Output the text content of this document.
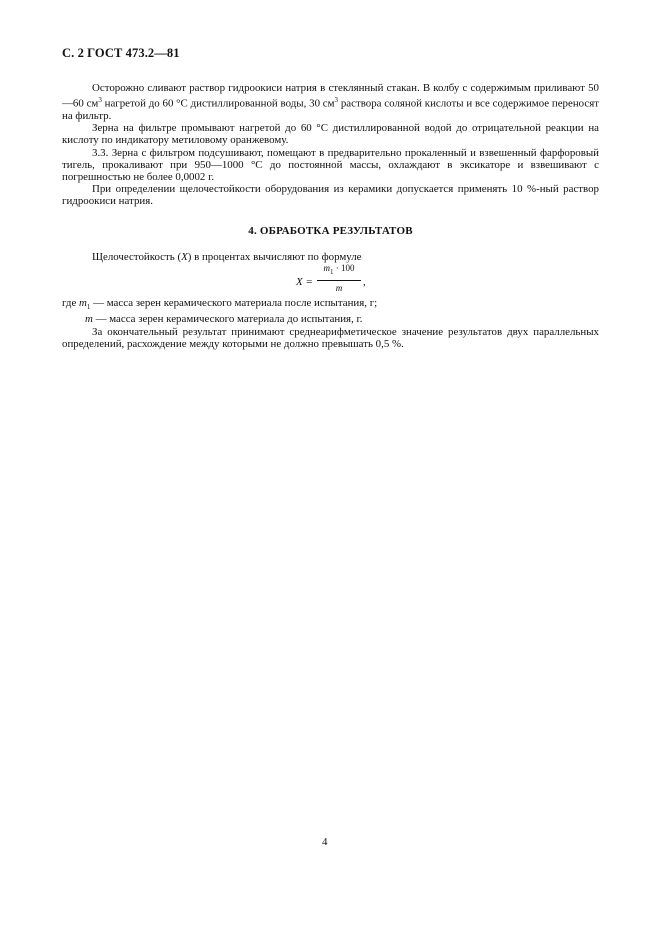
С. 2 ГОСТ 473.2—81

Осторожно сливают раствор гидроокиси натрия в стеклянный стакан. В колбу с содержимым приливают 50—60 $см^3$ нагретой до 60 °С дистиллированной воды, 30 $см^3$ раствора соляной кислоты и все содержимое переносят на фильтр.

Зерна на фильтре промывают нагретой до 60 °С дистиллированной водой до отрицательной реакции на кислоту по индикатору метиловому оранжевому.

3.3. Зерна с фильтром подсушивают, помещают в предварительно прокаленный и взвешенный фарфоровый тигель, прокаливают при 950—1000 °С до постоянной массы, охлаждают в эксикаторе и взвешивают с погрешностью не более 0,0002 г.

При определении щелочестойкости оборудования из керамики допускается применять 10 %-ный раствор гидроокиси натрия.

4. ОБРАБОТКА РЕЗУЛЬТАТОВ

Щелочестойкость (X) в процентах вычисляют по формуле

$X = \frac{m_1 \cdot 100}{m}$ ,

где $m_1$ — масса зерен керамического материала после испытания, г;

m — масса зерен керамического материала до испытания, г.

За окончательный результат принимают среднеарифметическое значение результатов двух параллельных определений, расхождение между которыми не должно превышать 0,5 %.

4
